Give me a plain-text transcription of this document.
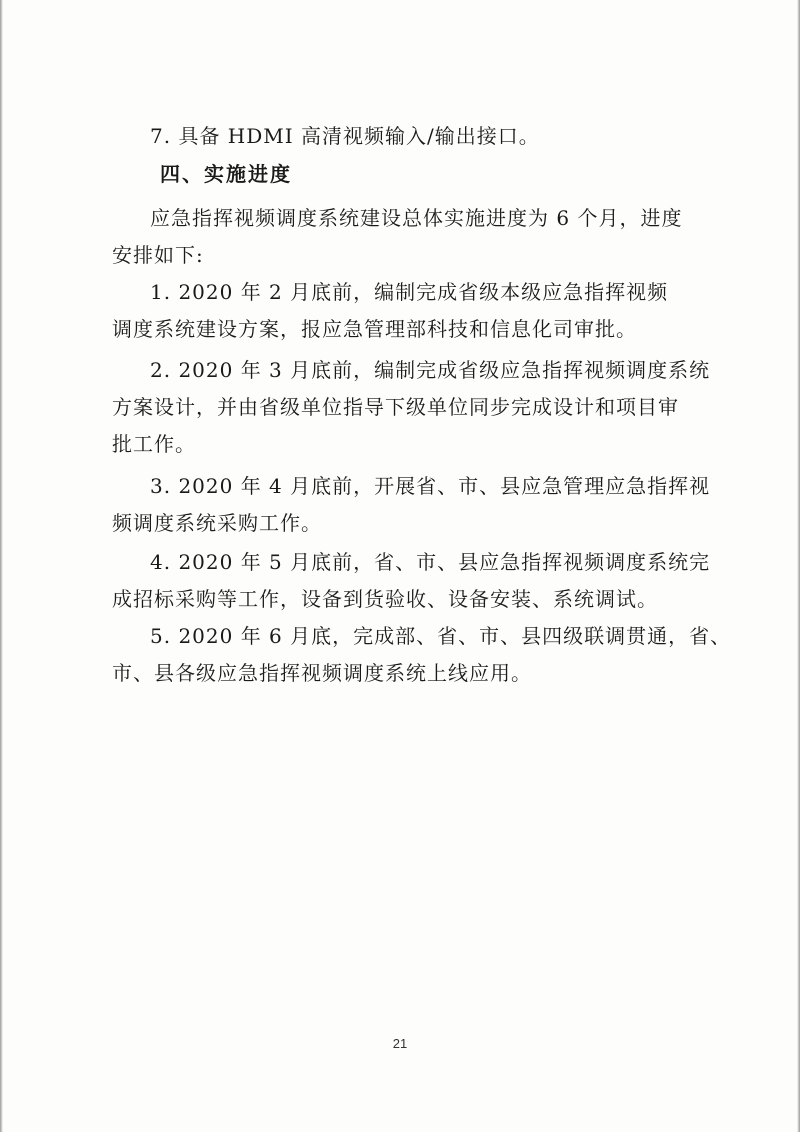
7. 具备 HDMI 高清视频输入/输出接口。
四、实施进度
应急指挥视频调度系统建设总体实施进度为 6 个月，进度
安排如下:
1. 2020 年 2 月底前，编制完成省级本级应急指挥视频
调度系统建设方案，报应急管理部科技和信息化司审批。
2. 2020 年 3 月底前，编制完成省级应急指挥视频调度系统
方案设计，并由省级单位指导下级单位同步完成设计和项目审
批工作。
3. 2020 年 4 月底前，开展省、市、县应急管理应急指挥视
频调度系统采购工作。
4. 2020 年 5 月底前，省、市、县应急指挥视频调度系统完
成招标采购等工作，设备到货验收、设备安装、系统调试。
5. 2020 年 6 月底，完成部、省、市、县四级联调贯通，省、
市、县各级应急指挥视频调度系统上线应用。
21
